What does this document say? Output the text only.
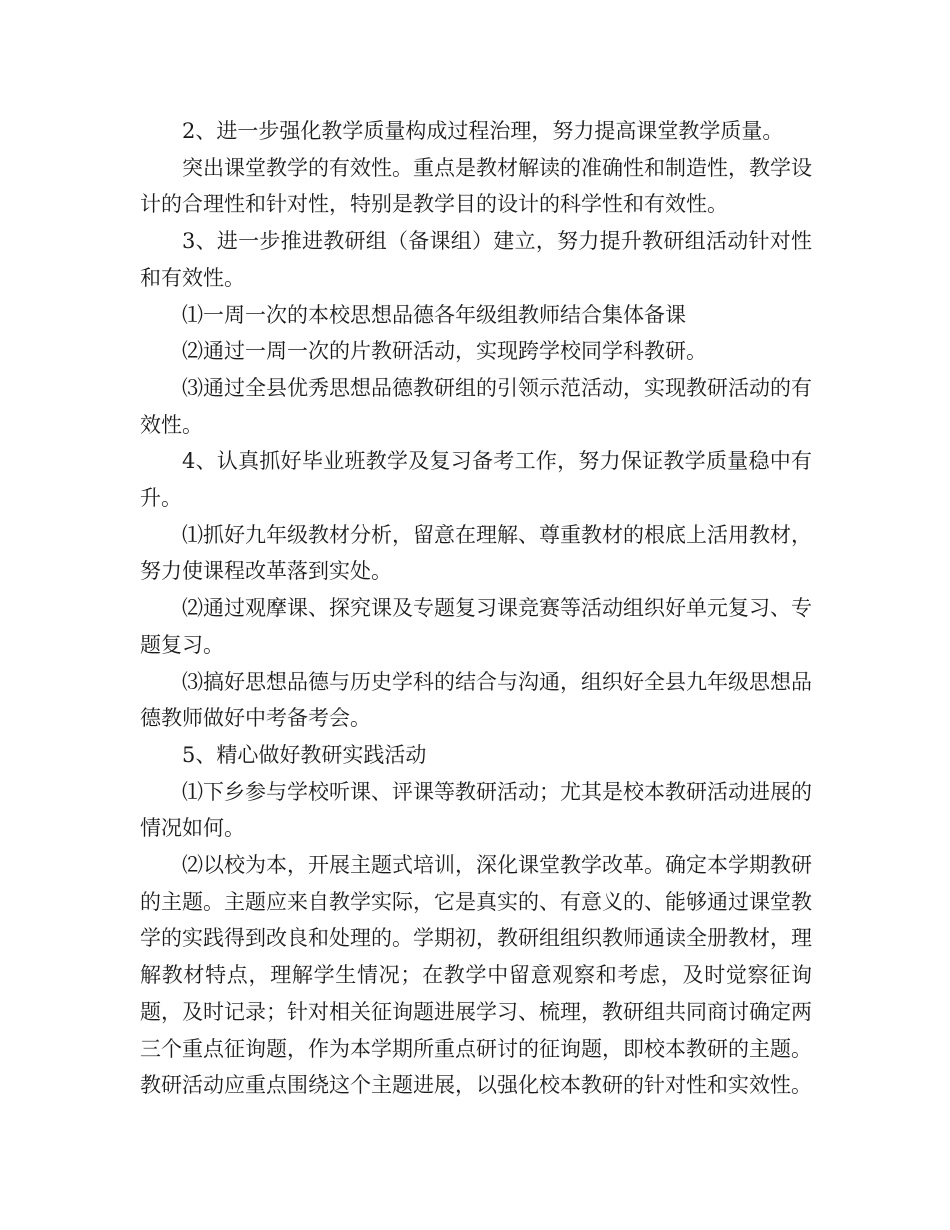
2、进一步强化教学质量构成过程治理，努力提高课堂教学质量。

突出课堂教学的有效性。重点是教材解读的准确性和制造性，教学设计的合理性和针对性，特别是教学目的设计的科学性和有效性。

3、进一步推进教研组（备课组）建立，努力提升教研组活动针对性和有效性。

⑴一周一次的本校思想品德各年级组教师结合集体备课

⑵通过一周一次的片教研活动，实现跨学校同学科教研。

⑶通过全县优秀思想品德教研组的引领示范活动，实现教研活动的有效性。

4、认真抓好毕业班教学及复习备考工作，努力保证教学质量稳中有升。

⑴抓好九年级教材分析，留意在理解、尊重教材的根底上活用教材，努力使课程改革落到实处。

⑵通过观摩课、探究课及专题复习课竞赛等活动组织好单元复习、专题复习。

⑶搞好思想品德与历史学科的结合与沟通，组织好全县九年级思想品德教师做好中考备考会。

5、精心做好教研实践活动

⑴下乡参与学校听课、评课等教研活动；尤其是校本教研活动进展的情况如何。

⑵以校为本，开展主题式培训，深化课堂教学改革。确定本学期教研的主题。主题应来自教学实际，它是真实的、有意义的、能够通过课堂教学的实践得到改良和处理的。学期初，教研组组织教师通读全册教材，理解教材特点，理解学生情况；在教学中留意观察和考虑，及时觉察征询题，及时记录；针对相关征询题进展学习、梳理，教研组共同商讨确定两三个重点征询题，作为本学期所重点研讨的征询题，即校本教研的主题。教研活动应重点围绕这个主题进展，以强化校本教研的针对性和实效性。
